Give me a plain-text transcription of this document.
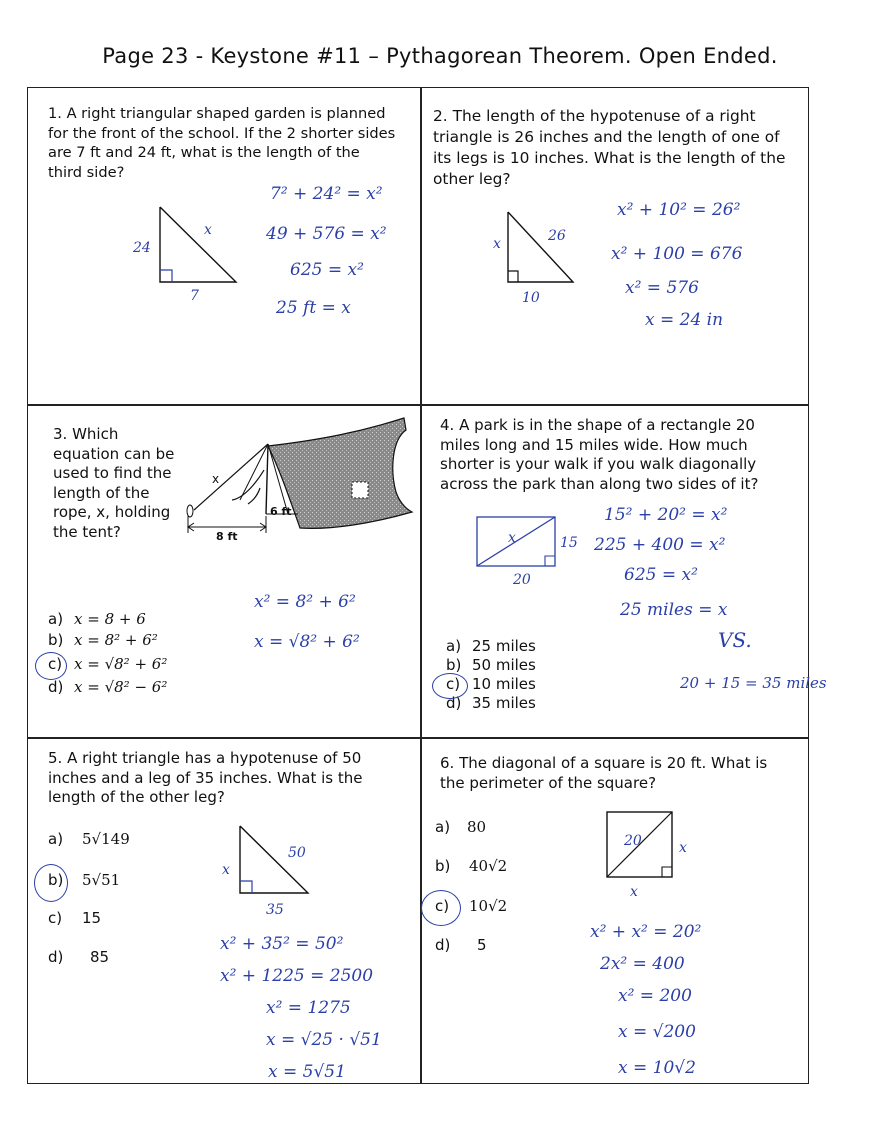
Page 23 - Keystone #11 – Pythagorean Theorem. Open Ended.
1. A right triangular shaped garden is planned for the front of the school. If the 2 shorter sides are 7 ft and 24 ft, what is the length of the third side?
24
x
7
7² + 24² = x²
49 + 576 = x²
625 = x²
25 ft = x
2. The length of the hypotenuse of a right triangle is 26 inches and the length of one of its legs is 10 inches. What is the length of the other leg?
x	26
10
x² + 10² = 26²
x² + 100 = 676
x² = 576
x = 24 in
3. Which equation can be used to find the length of the rope, x, holding the tent?
x
6 ft
8 ft
a) x = 8 + 6
b) x = 8² + 6²
c) x = √8² + 6²
d) x = √8² − 6²
x² = 8² + 6²
x = √8² + 6²
4. A park is in the shape of a rectangle 20 miles long and 15 miles wide. How much shorter is your walk if you walk diagonally across the park than along two sides of it?
x	15
20
15² + 20² = x²
225 + 400 = x²
625 = x²
25 miles = x
VS.
20 + 15 = 35 miles
a) 25 miles
b) 50 miles
c) 10 miles
d) 35 miles
5. A right triangle has a hypotenuse of 50 inches and a leg of 35 inches. What is the length of the other leg?
x
50
35
a) 5√149
b) 5√51
c) 15
d) 85
x² + 35² = 50²
x² + 1225 = 2500
x² = 1275
x = √25 · √51
x = 5√51
6. The diagonal of a square is 20 ft. What is the perimeter of the square?
20	x
x
a) 80
b) 40√2
c) 10√2
d) 5
x² + x² = 20²
2x² = 400
x² = 200
x = √200
x = 10√2
